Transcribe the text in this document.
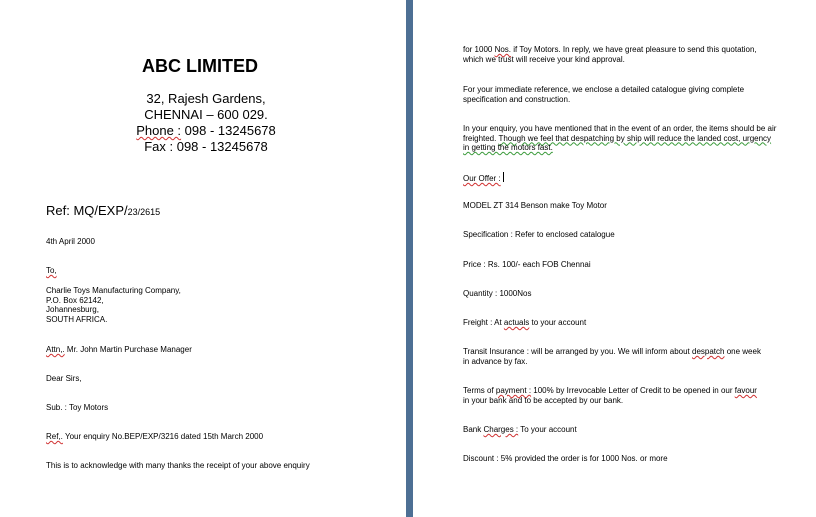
ABC LIMITED
32, Rajesh Gardens,
CHENNAI – 600 029.
Phone : 098 - 13245678
Fax : 098 - 13245678
Ref: MQ/EXP/23/2615
4th April 2000
To,
Charlie Toys Manufacturing Company,
P.O. Box 62142,
Johannesburg,
SOUTH AFRICA.
Attn,. Mr. John Martin Purchase Manager
Dear Sirs,
Sub. : Toy Motors
Ref,. Your enquiry No.BEP/EXP/3216 dated 15th March 2000
This is to acknowledge with many thanks the receipt of your above enquiry
for 1000 Nos. if Toy Motors. In reply, we have great pleasure to send this quotation, which we trust will receive your kind approval.
For your immediate reference, we enclose a detailed catalogue giving complete specification and construction.
In your enquiry, you have mentioned that in the event of an order, the items should be air freighted. Though we feel that despatching by ship will reduce the landed cost, urgency in getting the motors fast.
Our Offer :
MODEL ZT 314 Benson make Toy Motor
Specification : Refer to enclosed catalogue
Price : Rs. 100/- each FOB Chennai
Quantity : 1000Nos
Freight : At actuals to your account
Transit Insurance : will be arranged by you. We will inform about despatch one week in advance by fax.
Terms of payment : 100% by Irrevocable Letter of Credit to be opened in our favour in your bank and to be accepted by our bank.
Bank Charges : To your account
Discount : 5% provided the order is for 1000 Nos. or more
